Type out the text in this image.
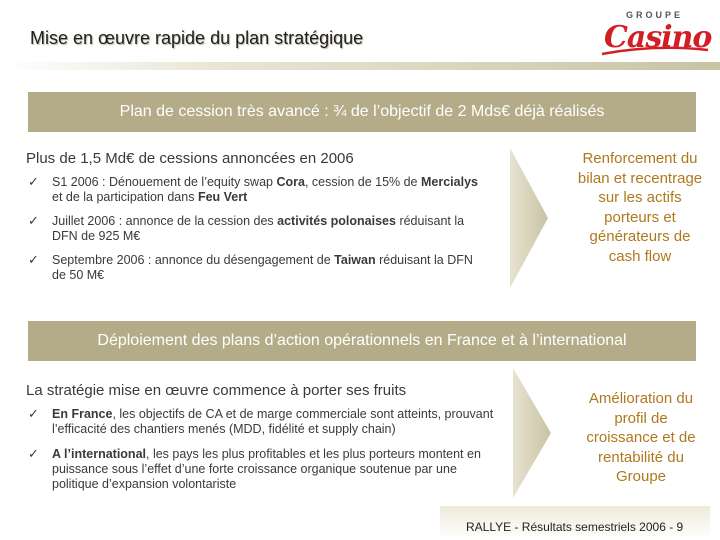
Mise en œuvre rapide du plan stratégique
GROUPE
Casino
Plan de cession très avancé : ¾ de l’objectif de 2 Mds€ déjà réalisés
Plus de 1,5 Md€ de cessions annoncées en 2006
✓ S1 2006 : Dénouement de l’equity swap Cora, cession de 15% de Mercialys et de la participation dans Feu Vert
✓ Juillet 2006 : annonce de la cession des activités polonaises réduisant la DFN de 925 M€
✓ Septembre 2006 : annonce du désengagement de Taiwan réduisant la DFN de 50 M€
Renforcement du bilan et recentrage sur les actifs porteurs et générateurs de cash flow
Déploiement des plans d’action opérationnels en France et à l’international
La stratégie mise en œuvre commence à porter ses fruits
✓ En France, les objectifs de CA et de marge commerciale sont atteints, prouvant l’efficacité des chantiers menés (MDD, fidélité et supply chain)
✓ A l’international, les pays les plus profitables et les plus porteurs montent en puissance sous l’effet d’une forte croissance organique soutenue par une politique d’expansion volontariste
Amélioration du profil de croissance et de rentabilité du Groupe
RALLYE - Résultats semestriels 2006 - 9
